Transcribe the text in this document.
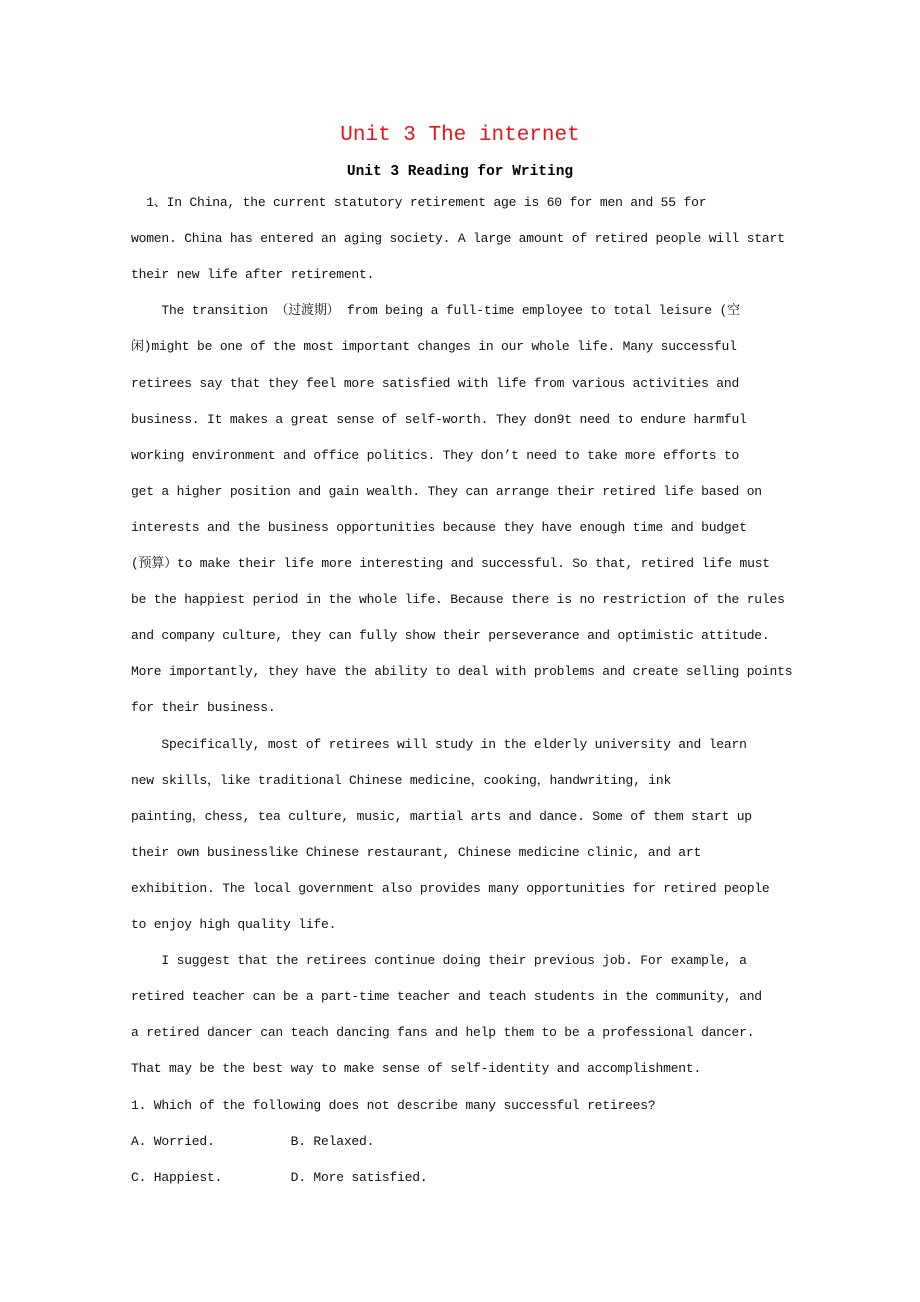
Unit 3 The internet
Unit 3 Reading for Writing
1、In China, the current statutory retirement age is 60 for men and 55 for
women. China has entered an aging society. A large amount of retired people will start
their new life after retirement.
The transition （过渡期） from being a full-time employee to total leisure (空
闲)might be one of the most important changes in our whole life. Many successful
retirees say that they feel more satisfied with life from various activities and
business. It makes a great sense of self-worth. They don9t need to endure harmful
working environment and office politics. They don’t need to take more efforts to
get a higher position and gain wealth. They can arrange their retired life based on
interests and the business opportunities because they have enough time and budget
(预算）to make their life more interesting and successful. So that, retired life must
be the happiest period in the whole life. Because there is no restriction of the rules
and company culture, they can fully show their perseverance and optimistic attitude.
More importantly, they have the ability to deal with problems and create selling points
for their business.
Specifically, most of retirees will study in the elderly university and learn
new skills，like traditional Chinese medicine，cooking，handwriting, ink
painting，chess, tea culture, music, martial arts and dance. Some of them start up
their own businesslike Chinese restaurant, Chinese medicine clinic, and art
exhibition. The local government also provides many opportunities for retired people
to enjoy high quality life.
I suggest that the retirees continue doing their previous job. For example, a
retired teacher can be a part-time teacher and teach students in the community, and
a retired dancer can teach dancing fans and help them to be a professional dancer.
That may be the best way to make sense of self-identity and accomplishment.
1. Which of the following does not describe many successful retirees?
A. Worried.          B. Relaxed.
C. Happiest.         D. More satisfied.
